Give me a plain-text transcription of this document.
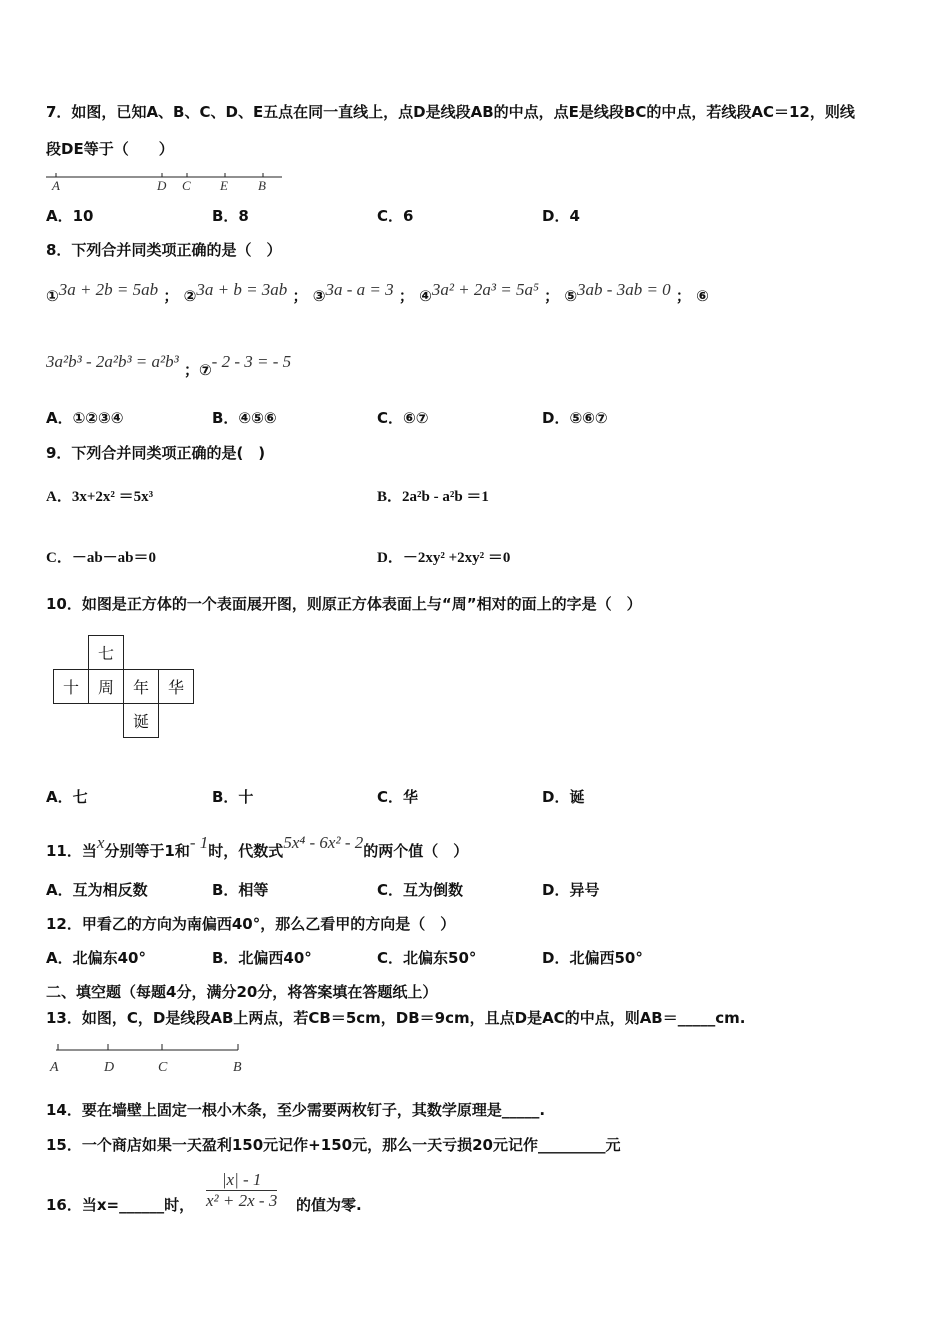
7．如图，已知A、B、C、D、E五点在同一直线上，点D是线段AB的中点，点E是线段BC的中点，若线段AC＝12，则线
段DE等于（　　）
A	D C E B
A．10	B．8	C．6	D．4
8．下列合并同类项正确的是（　）
①3a + 2b = 5ab ； ②3a + b = 3ab ； ③3a - a = 3 ； ④3a² + 2a³ = 5a⁵ ； ⑤3ab - 3ab = 0 ； ⑥
3a²b³ - 2a²b³ = a²b³ ；⑦- 2 - 3 = - 5
A．①②③④	B．④⑤⑥	C．⑥⑦	D．⑤⑥⑦
9．下列合并同类项正确的是(　)
A．3x+2x² ＝5x³	B．2a²b - a²b ＝1
C．－ab－ab＝0	D．－2xy² +2xy² ＝0
10．如图是正方体的一个表面展开图，则原正方体表面上与“周”相对的面上的字是（　）
七
十	周	年	华
诞
A．七	B．十	C．华	D．诞
11．当x分别等于1和- 1时，代数式5x⁴ - 6x² - 2的两个值（　）
A．互为相反数	B．相等	C．互为倒数	D．异号
12．甲看乙的方向为南偏西40°，那么乙看甲的方向是（　）
A．北偏东40°	B．北偏西40°	C．北偏东50°	D．北偏西50°
二、填空题（每题4分，满分20分，将答案填在答题纸上）
13．如图，C，D是线段AB上两点，若CB＝5cm，DB＝9cm，且点D是AC的中点，则AB＝_____cm.
A	D	C	B
14．要在墙壁上固定一根小木条，至少需要两枚钉子，其数学原理是_____.
15．一个商店如果一天盈利150元记作+150元，那么一天亏损20元记作_________元
16．当x=______时， $\frac{|x| - 1}{\text{x² + 2x - 3}}$ 的值为零.
